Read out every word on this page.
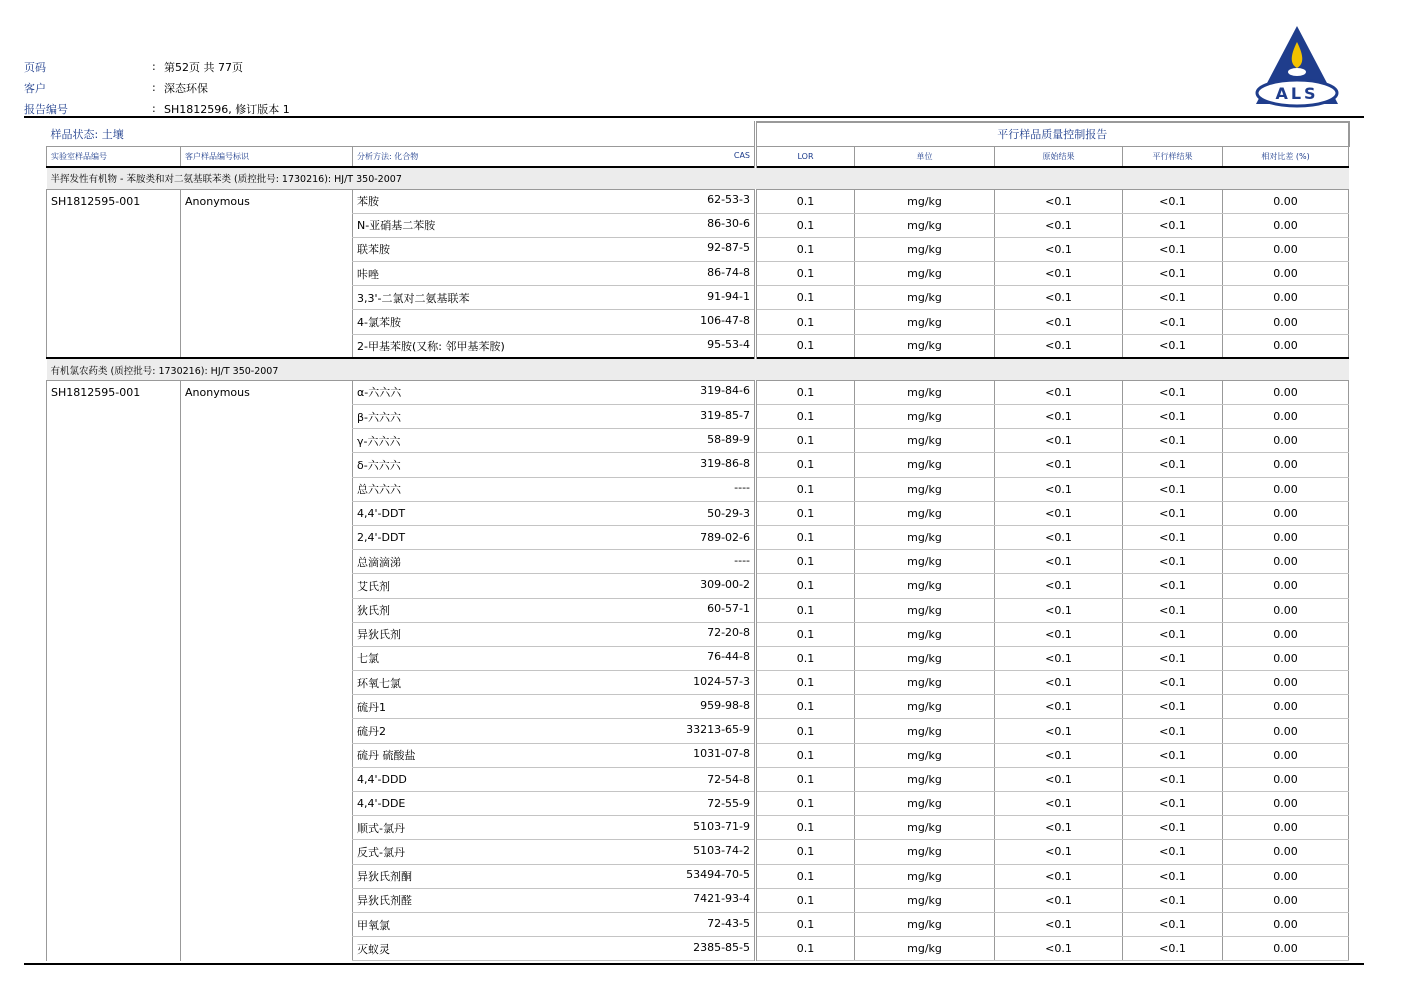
页码	: 第52页 共 77页
客户	: 深态环保
报告编号	: SH1812596, 修订版本 1
ALS
样品状态: 土壤			平行样品质量控制报告				
实验室样品编号	客户样品编号标识	分析方法: 化合物 CAS	LOR	单位	原始结果	平行样结果	相对比差 (%)
半挥发性有机物 - 苯胺类和对二氨基联苯类 (质控批号: 1730216): HJ/T 350-2007							
SH1812595-001	Anonymous	苯胺 62-53-3	0.1	mg/kg	<0.1	<0.1	0.00
		N-亚硝基二苯胺 86-30-6	0.1	mg/kg	<0.1	<0.1	0.00
		联苯胺 92-87-5	0.1	mg/kg	<0.1	<0.1	0.00
		咔唑 86-74-8	0.1	mg/kg	<0.1	<0.1	0.00
		3,3'-二氯对二氨基联苯 91-94-1	0.1	mg/kg	<0.1	<0.1	0.00
		4-氯苯胺 106-47-8	0.1	mg/kg	<0.1	<0.1	0.00
		2-甲基苯胺(又称: 邻甲基苯胺) 95-53-4	0.1	mg/kg	<0.1	<0.1	0.00
有机氯农药类 (质控批号: 1730216): HJ/T 350-2007							
SH1812595-001	Anonymous	α-六六六 319-84-6	0.1	mg/kg	<0.1	<0.1	0.00
		β-六六六 319-85-7	0.1	mg/kg	<0.1	<0.1	0.00
		γ-六六六 58-89-9	0.1	mg/kg	<0.1	<0.1	0.00
		δ-六六六 319-86-8	0.1	mg/kg	<0.1	<0.1	0.00
		总六六六 ----	0.1	mg/kg	<0.1	<0.1	0.00
		4,4'-DDT 50-29-3	0.1	mg/kg	<0.1	<0.1	0.00
		2,4'-DDT 789-02-6	0.1	mg/kg	<0.1	<0.1	0.00
		总滴滴涕 ----	0.1	mg/kg	<0.1	<0.1	0.00
		艾氏剂 309-00-2	0.1	mg/kg	<0.1	<0.1	0.00
		狄氏剂 60-57-1	0.1	mg/kg	<0.1	<0.1	0.00
		异狄氏剂 72-20-8	0.1	mg/kg	<0.1	<0.1	0.00
		七氯 76-44-8	0.1	mg/kg	<0.1	<0.1	0.00
		环氧七氯 1024-57-3	0.1	mg/kg	<0.1	<0.1	0.00
		硫丹1 959-98-8	0.1	mg/kg	<0.1	<0.1	0.00
		硫丹2 33213-65-9	0.1	mg/kg	<0.1	<0.1	0.00
		硫丹 硫酸盐 1031-07-8	0.1	mg/kg	<0.1	<0.1	0.00
		4,4'-DDD 72-54-8	0.1	mg/kg	<0.1	<0.1	0.00
		4,4'-DDE 72-55-9	0.1	mg/kg	<0.1	<0.1	0.00
		顺式-氯丹 5103-71-9	0.1	mg/kg	<0.1	<0.1	0.00
		反式-氯丹 5103-74-2	0.1	mg/kg	<0.1	<0.1	0.00
		异狄氏剂酮 53494-70-5	0.1	mg/kg	<0.1	<0.1	0.00
		异狄氏剂醛 7421-93-4	0.1	mg/kg	<0.1	<0.1	0.00
		甲氧氯 72-43-5	0.1	mg/kg	<0.1	<0.1	0.00
		灭蚁灵 2385-85-5	0.1	mg/kg	<0.1	<0.1	0.00
